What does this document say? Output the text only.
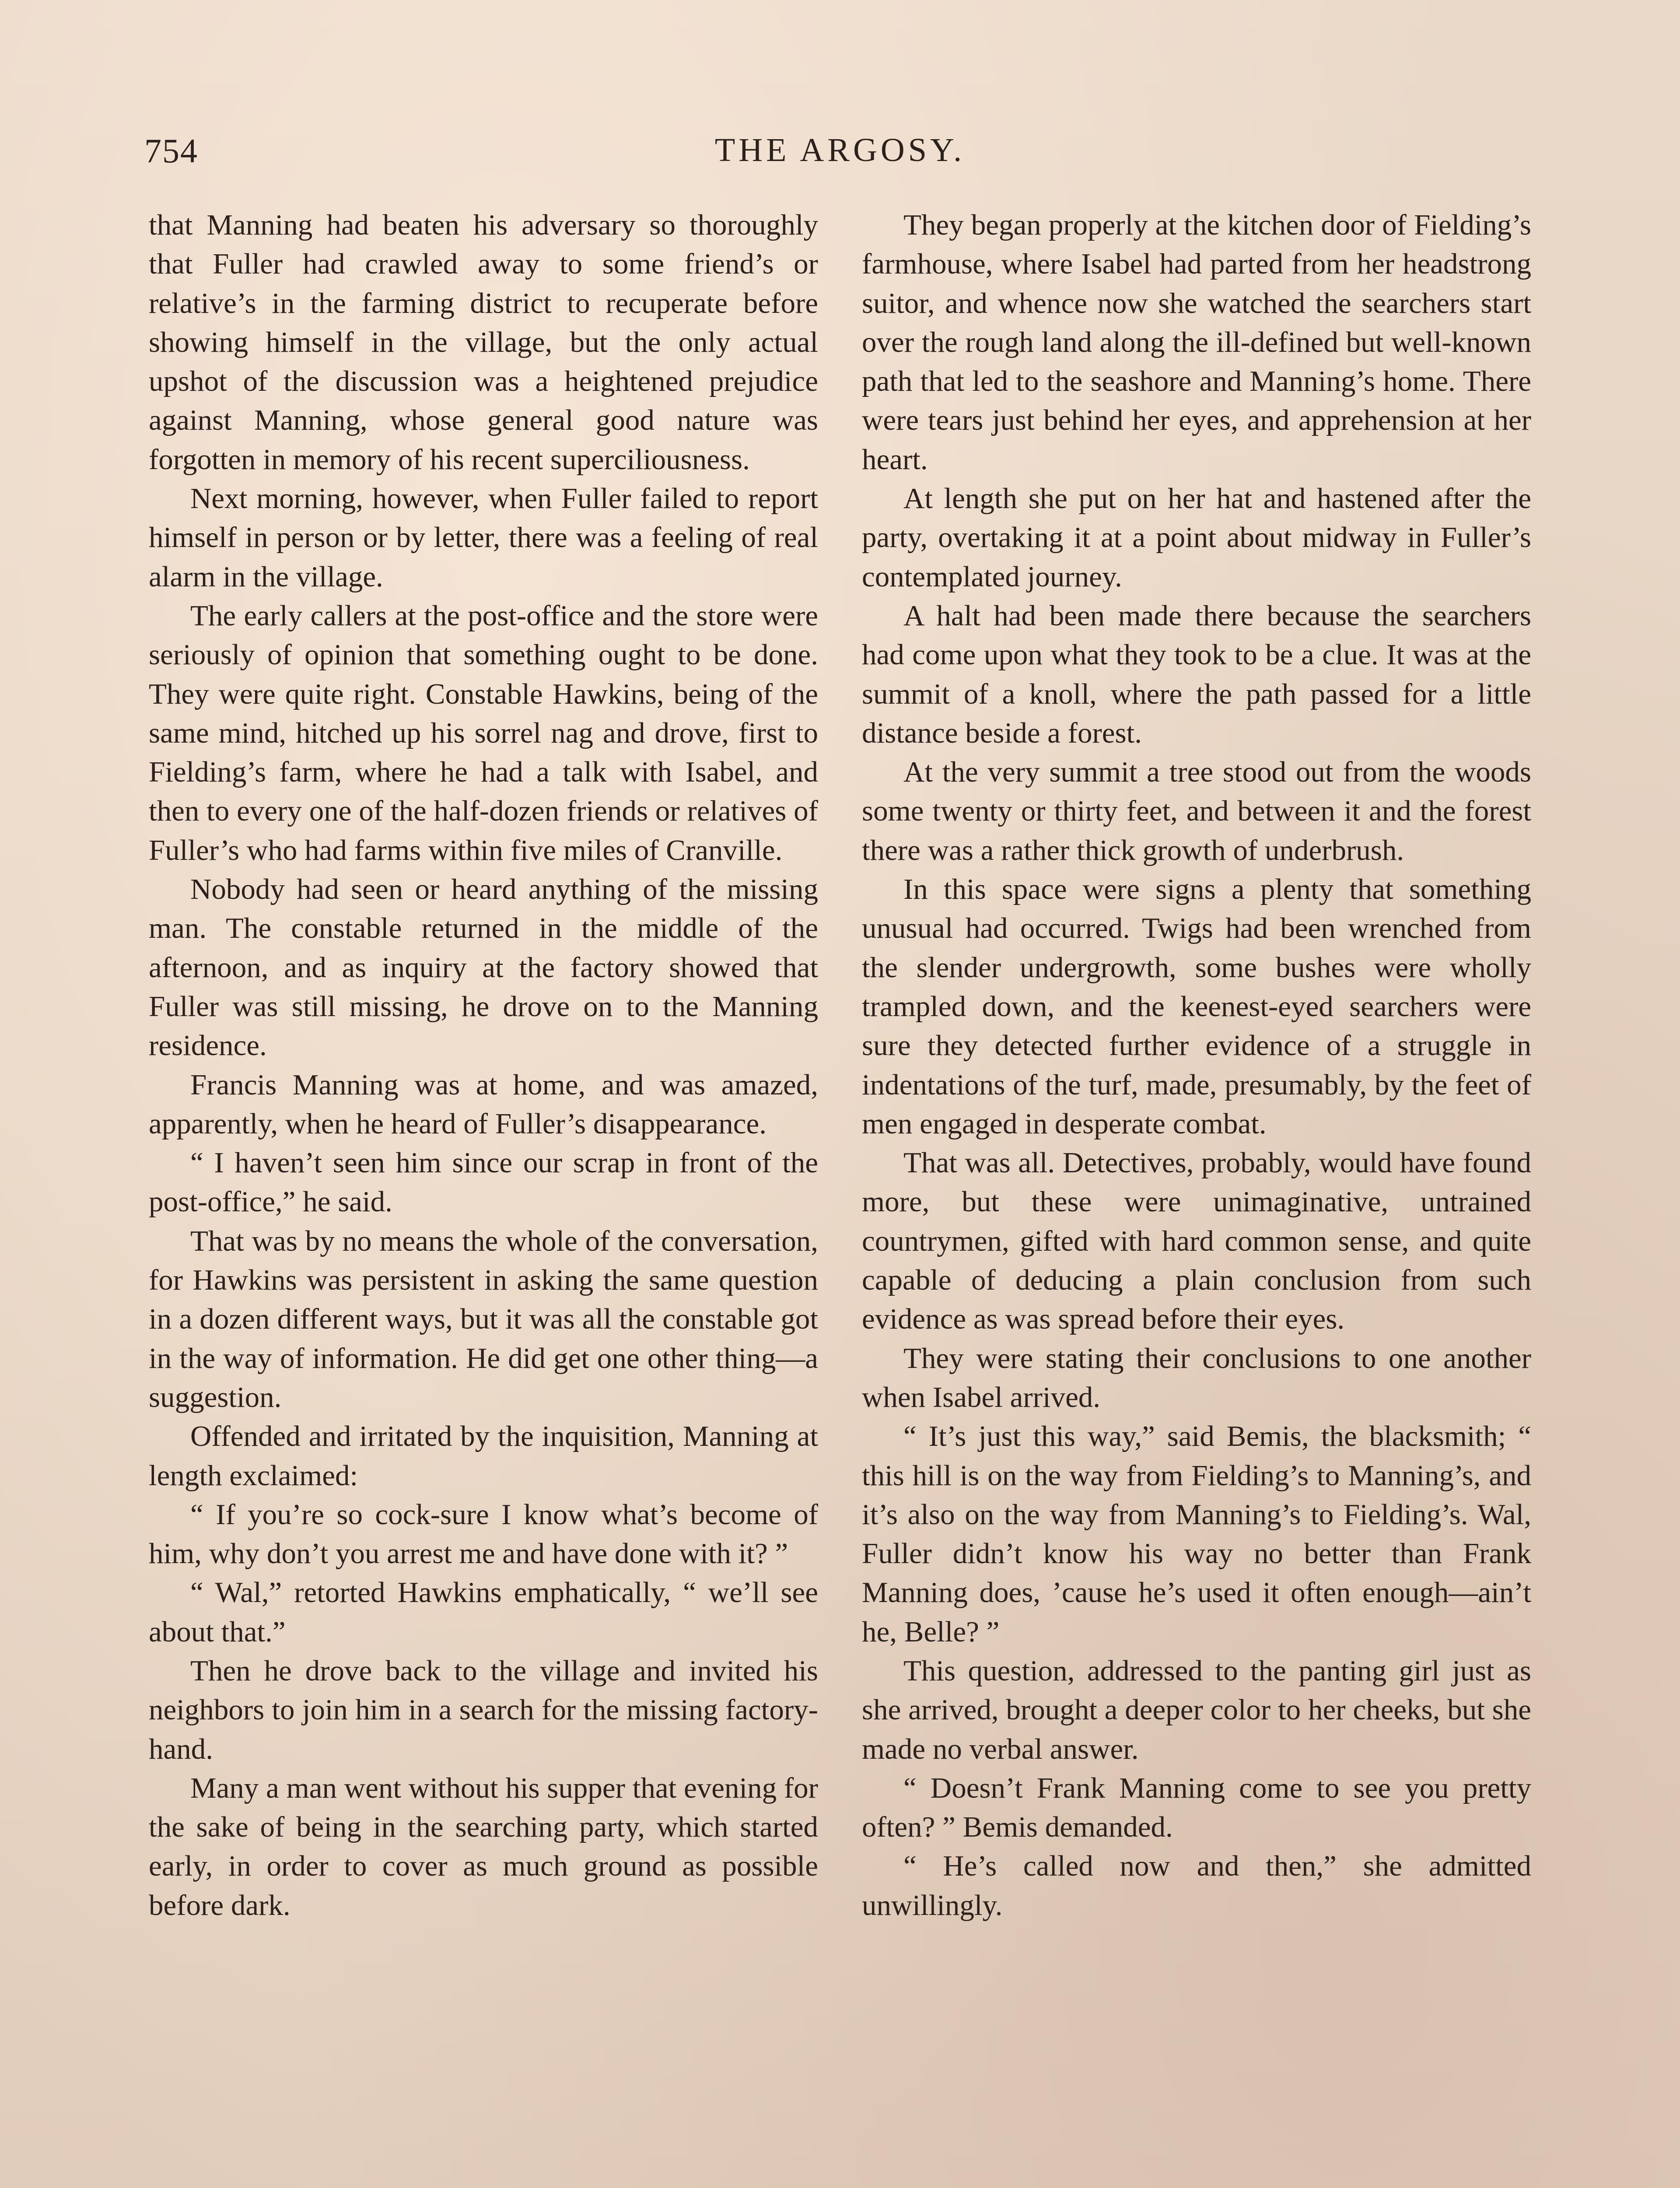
754	THE ARGOSY.

that Manning had beaten his adversary so thoroughly that Fuller had crawled away to some friend’s or relative’s in the farming district to recuperate before showing himself in the village, but the only actual upshot of the discussion was a heightened prejudice against Manning, whose general good nature was forgotten in memory of his recent superciliousness.

Next morning, however, when Fuller failed to report himself in person or by letter, there was a feeling of real alarm in the village.

The early callers at the post-office and the store were seriously of opinion that something ought to be done. They were quite right. Constable Hawkins, being of the same mind, hitched up his sorrel nag and drove, first to Fielding’s farm, where he had a talk with Isabel, and then to every one of the half-dozen friends or relatives of Fuller’s who had farms within five miles of Cranville.

Nobody had seen or heard anything of the missing man. The constable returned in the middle of the afternoon, and as inquiry at the factory showed that Fuller was still missing, he drove on to the Manning residence.

Francis Manning was at home, and was amazed, apparently, when he heard of Fuller’s disappearance.

“ I haven’t seen him since our scrap in front of the post-office,” he said.

That was by no means the whole of the conversation, for Hawkins was persistent in asking the same question in a dozen different ways, but it was all the constable got in the way of information. He did get one other thing—a suggestion.

Offended and irritated by the inquisition, Manning at length exclaimed:

“ If you’re so cock-sure I know what’s become of him, why don’t you arrest me and have done with it? ”

“ Wal,” retorted Hawkins emphatically, “ we’ll see about that.”

Then he drove back to the village and invited his neighbors to join him in a search for the missing factory-hand.

Many a man went without his supper that evening for the sake of being in the searching party, which started early, in order to cover as much ground as possible before dark.

They began properly at the kitchen door of Fielding’s farmhouse, where Isabel had parted from her headstrong suitor, and whence now she watched the searchers start over the rough land along the ill-defined but well-known path that led to the seashore and Manning’s home. There were tears just behind her eyes, and apprehension at her heart.

At length she put on her hat and hastened after the party, overtaking it at a point about midway in Fuller’s contemplated journey.

A halt had been made there because the searchers had come upon what they took to be a clue. It was at the summit of a knoll, where the path passed for a little distance beside a forest.

At the very summit a tree stood out from the woods some twenty or thirty feet, and between it and the forest there was a rather thick growth of underbrush.

In this space were signs a plenty that something unusual had occurred. Twigs had been wrenched from the slender undergrowth, some bushes were wholly trampled down, and the keenest-eyed searchers were sure they detected further evidence of a struggle in indentations of the turf, made, presumably, by the feet of men engaged in desperate combat.

That was all. Detectives, probably, would have found more, but these were unimaginative, untrained countrymen, gifted with hard common sense, and quite capable of deducing a plain conclusion from such evidence as was spread before their eyes.

They were stating their conclusions to one another when Isabel arrived.

“ It’s just this way,” said Bemis, the blacksmith; “ this hill is on the way from Fielding’s to Manning’s, and it’s also on the way from Manning’s to Fielding’s. Wal, Fuller didn’t know his way no better than Frank Manning does, ’cause he’s used it often enough—ain’t he, Belle? ”

This question, addressed to the panting girl just as she arrived, brought a deeper color to her cheeks, but she made no verbal answer.

“ Doesn’t Frank Manning come to see you pretty often? ” Bemis demanded.

“ He’s called now and then,” she admitted unwillingly.
